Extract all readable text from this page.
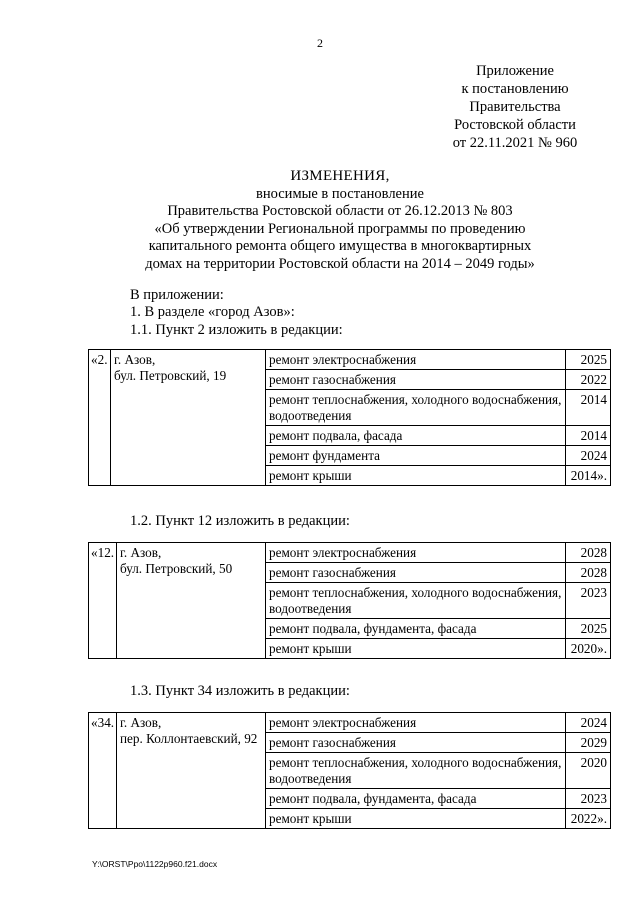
2
Приложение
к постановлению
Правительства
Ростовской области
от 22.11.2021 № 960
ИЗМЕНЕНИЯ,
вносимые в постановление
Правительства Ростовской области от 26.12.2013 № 803
«Об утверждении Региональной программы по проведению
капитального ремонта общего имущества в многоквартирных
домах на территории Ростовской области на 2014 – 2049 годы»
В приложении:
1. В разделе «город Азов»:
1.1. Пункт 2 изложить в редакции:
«2.	г. Азов,
бул. Петровский, 19	ремонт электроснабжения	2025
		ремонт газоснабжения	2022
		ремонт теплоснабжения, холодного водоснабжения, водоотведения	2014
		ремонт подвала, фасада	2014
		ремонт фундамента	2024
		ремонт крыши	2014».
1.2. Пункт 12 изложить в редакции:
«12.	г. Азов,
бул. Петровский, 50	ремонт электроснабжения	2028
		ремонт газоснабжения	2028
		ремонт теплоснабжения, холодного водоснабжения, водоотведения	2023
		ремонт подвала, фундамента, фасада	2025
		ремонт крыши	2020».
1.3. Пункт 34 изложить в редакции:
«34.	г. Азов,
пер. Коллонтаевский, 92	ремонт электроснабжения	2024
		ремонт газоснабжения	2029
		ремонт теплоснабжения, холодного водоснабжения, водоотведения	2020
		ремонт подвала, фундамента, фасада	2023
		ремонт крыши	2022».
Y:\ORST\Ppo\1122p960.f21.docx
